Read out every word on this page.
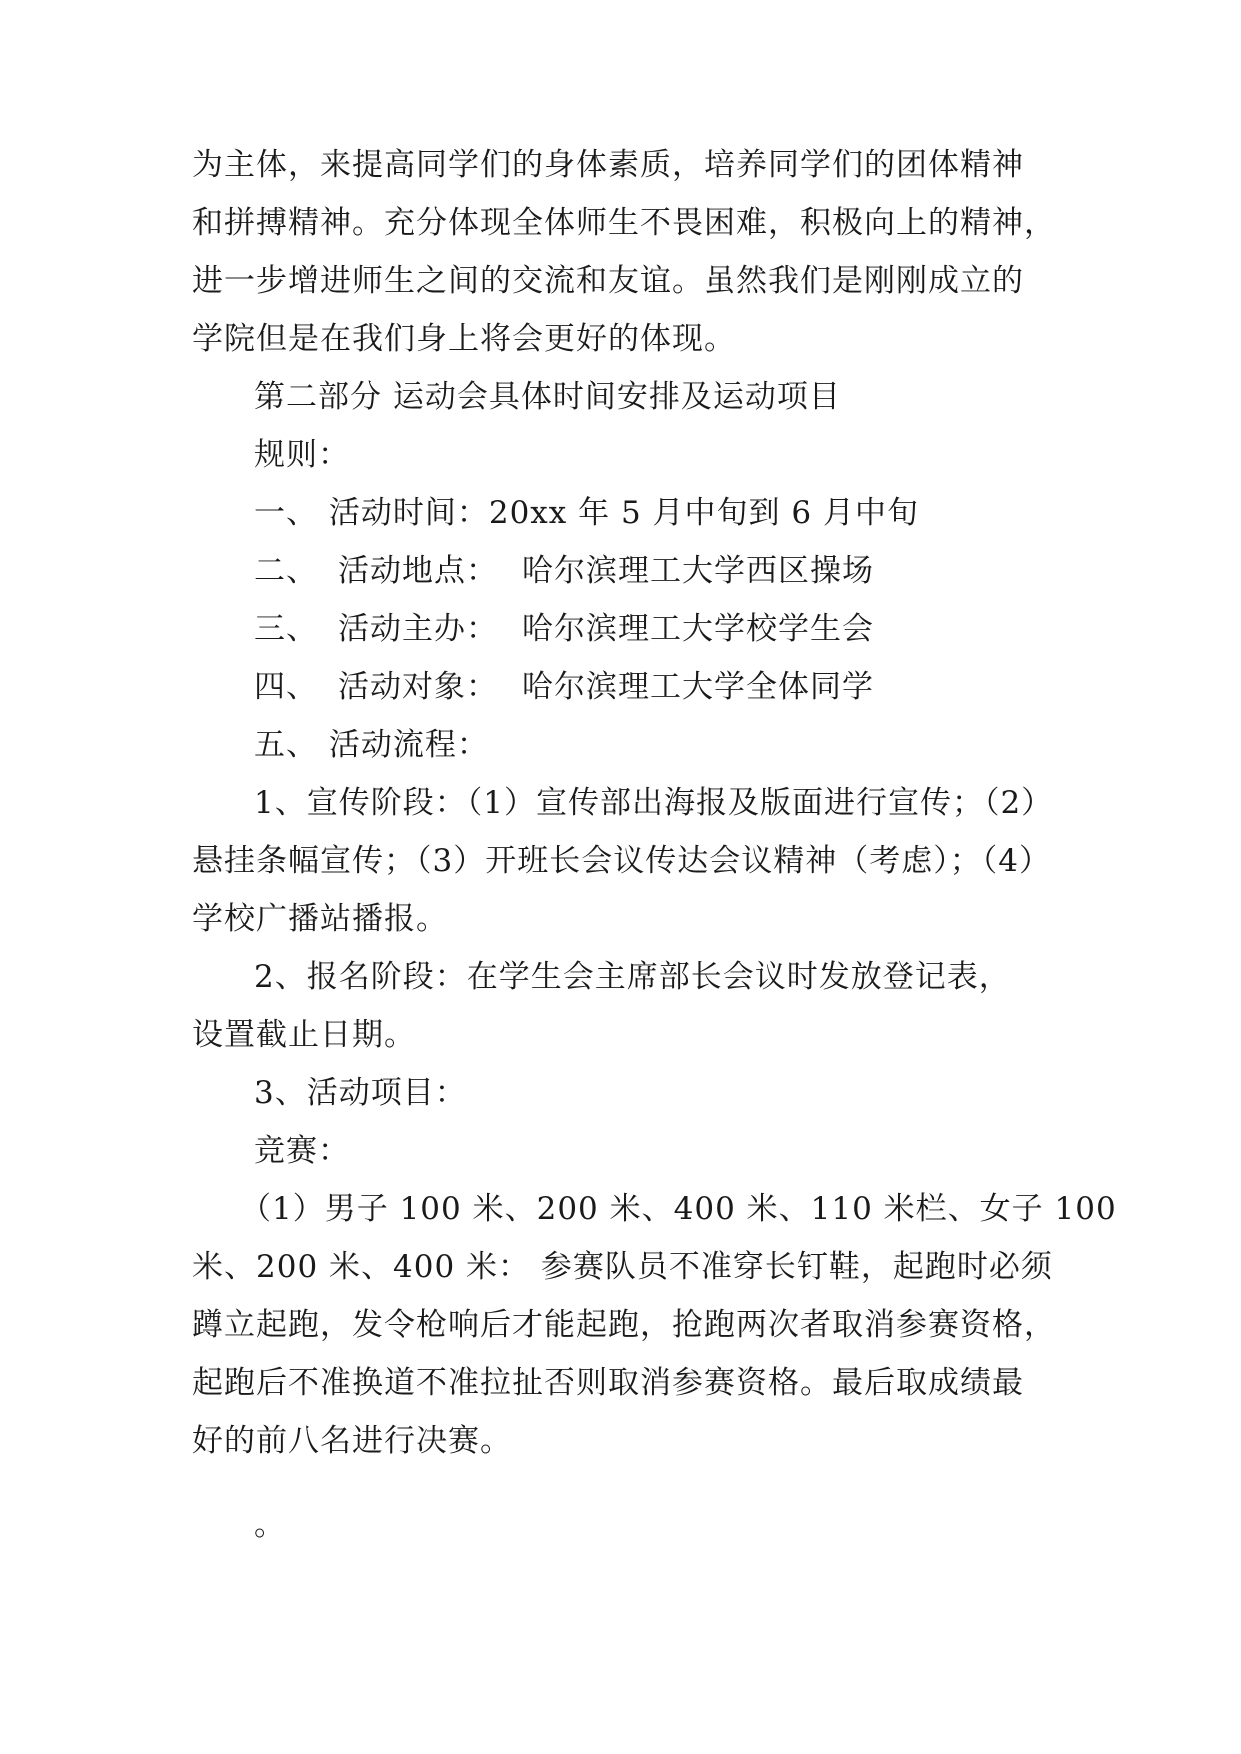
为主体，来提高同学们的身体素质，培养同学们的团体精神
和拼搏精神。充分体现全体师生不畏困难，积极向上的精神，
进一步增进师生之间的交流和友谊。虽然我们是刚刚成立的
学院但是在我们身上将会更好的体现。
第二部分 运动会具体时间安排及运动项目
规则：
一、 活动时间：20xx 年 5 月中旬到 6 月中旬
二、 活动地点： 哈尔滨理工大学西区操场
三、 活动主办： 哈尔滨理工大学校学生会
四、 活动对象： 哈尔滨理工大学全体同学
五、 活动流程：
1、宣传阶段：（1）宣传部出海报及版面进行宣传；（2）
悬挂条幅宣传；（3）开班长会议传达会议精神（考虑）；（4）
学校广播站播报。
2、报名阶段：在学生会主席部长会议时发放登记表，
设置截止日期。
3、活动项目：
竞赛：
（1）男子 100 米、200 米、400 米、110 米栏、女子 100
米、200 米、400 米： 参赛队员不准穿长钉鞋，起跑时必须
蹲立起跑，发令枪响后才能起跑，抢跑两次者取消参赛资格，
起跑后不准换道不准拉扯否则取消参赛资格。最后取成绩最
好的前八名进行决赛。
。
